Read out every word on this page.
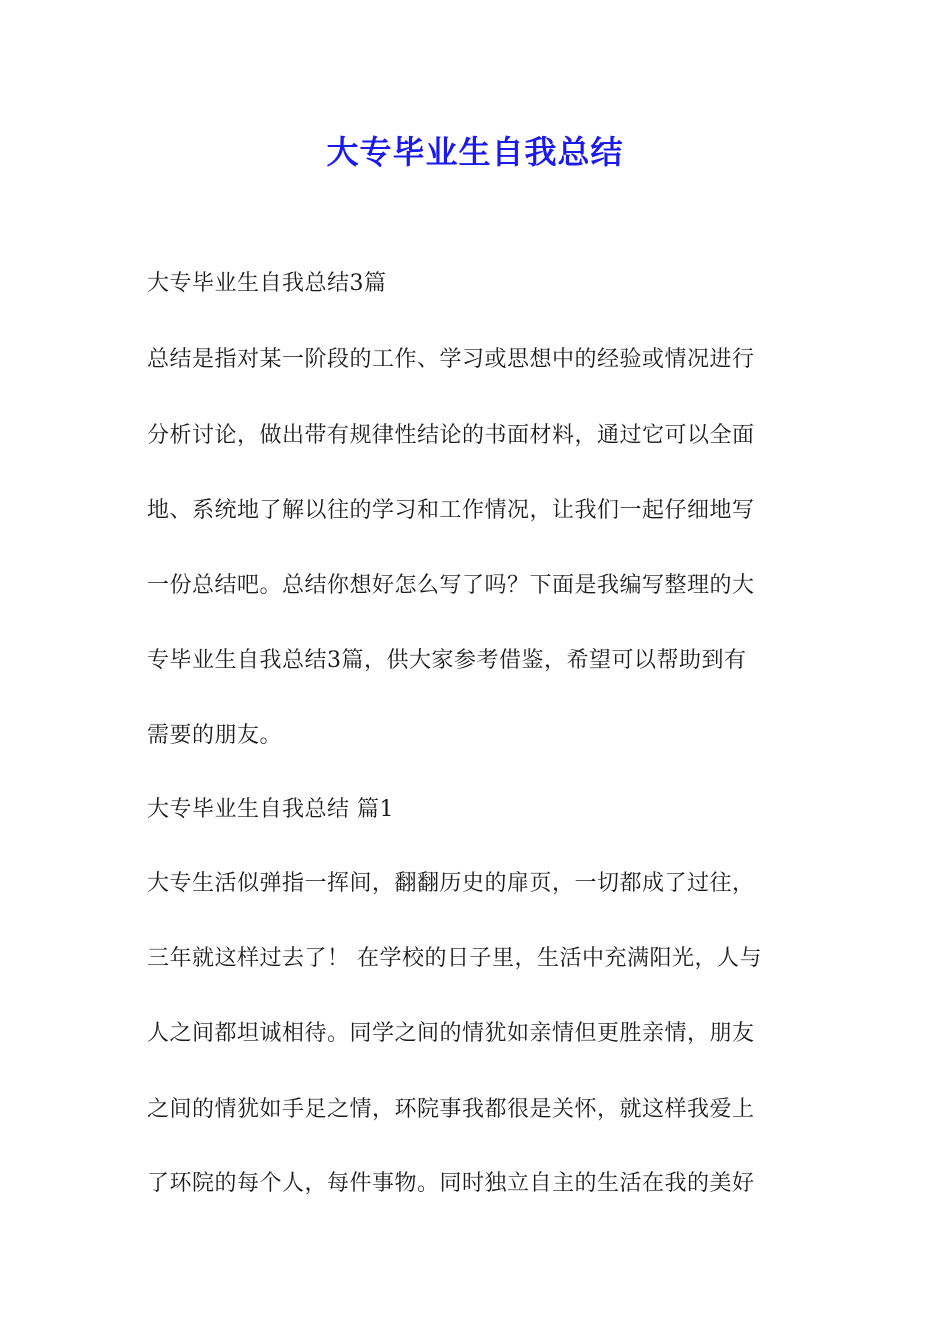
大专毕业生自我总结
大专毕业生自我总结3篇
总结是指对某一阶段的工作、学习或思想中的经验或情况进行
分析讨论，做出带有规律性结论的书面材料，通过它可以全面
地、系统地了解以往的学习和工作情况，让我们一起仔细地写
一份总结吧。总结你想好怎么写了吗？下面是我编写整理的大
专毕业生自我总结3篇，供大家参考借鉴，希望可以帮助到有
需要的朋友。
大专毕业生自我总结 篇1
大专生活似弹指一挥间，翻翻历史的扉页，一切都成了过往，
三年就这样过去了！ 在学校的日子里，生活中充满阳光，人与
人之间都坦诚相待。同学之间的情犹如亲情但更胜亲情，朋友
之间的情犹如手足之情，环院事我都很是关怀，就这样我爱上
了环院的每个人，每件事物。同时独立自主的生活在我的美好
